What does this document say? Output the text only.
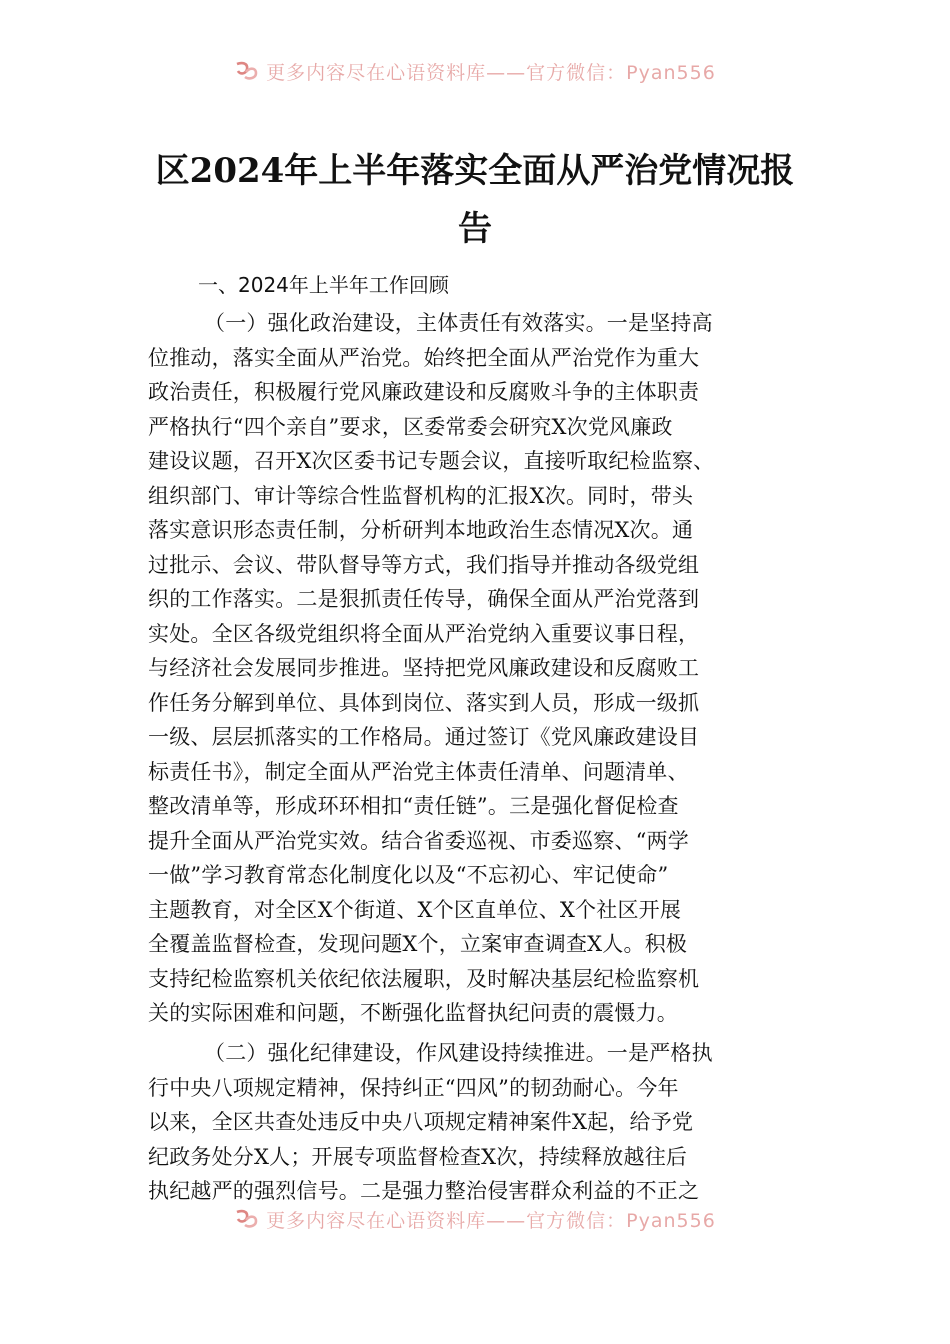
更多内容尽在心语资料库——官方微信：Pyan556
区2024年上半年落实全面从严治党情况报告
一、2024年上半年工作回顾
（一）强化政治建设，主体责任有效落实。一是坚持高
位推动，落实全面从严治党。始终把全面从严治党作为重大
政治责任，积极履行党风廉政建设和反腐败斗争的主体职责
严格执行“四个亲自”要求，区委常委会研究X次党风廉政
建设议题，召开X次区委书记专题会议，直接听取纪检监察、
组织部门、审计等综合性监督机构的汇报X次。同时，带头
落实意识形态责任制，分析研判本地政治生态情况X次。通
过批示、会议、带队督导等方式，我们指导并推动各级党组
织的工作落实。二是狠抓责任传导，确保全面从严治党落到
实处。全区各级党组织将全面从严治党纳入重要议事日程，
与经济社会发展同步推进。坚持把党风廉政建设和反腐败工
作任务分解到单位、具体到岗位、落实到人员，形成一级抓
一级、层层抓落实的工作格局。通过签订《党风廉政建设目
标责任书》，制定全面从严治党主体责任清单、问题清单、
整改清单等，形成环环相扣“责任链”。三是强化督促检查
提升全面从严治党实效。结合省委巡视、市委巡察、“两学
一做”学习教育常态化制度化以及“不忘初心、牢记使命”
主题教育，对全区X个街道、X个区直单位、X个社区开展
全覆盖监督检查，发现问题X个，立案审查调查X人。积极
支持纪检监察机关依纪依法履职，及时解决基层纪检监察机
关的实际困难和问题，不断强化监督执纪问责的震慑力。
（二）强化纪律建设，作风建设持续推进。一是严格执
行中央八项规定精神，保持纠正“四风”的韧劲耐心。今年
以来，全区共查处违反中央八项规定精神案件X起，给予党
纪政务处分X人；开展专项监督检查X次，持续释放越往后
执纪越严的强烈信号。二是强力整治侵害群众利益的不正之
更多内容尽在心语资料库——官方微信：Pyan556
